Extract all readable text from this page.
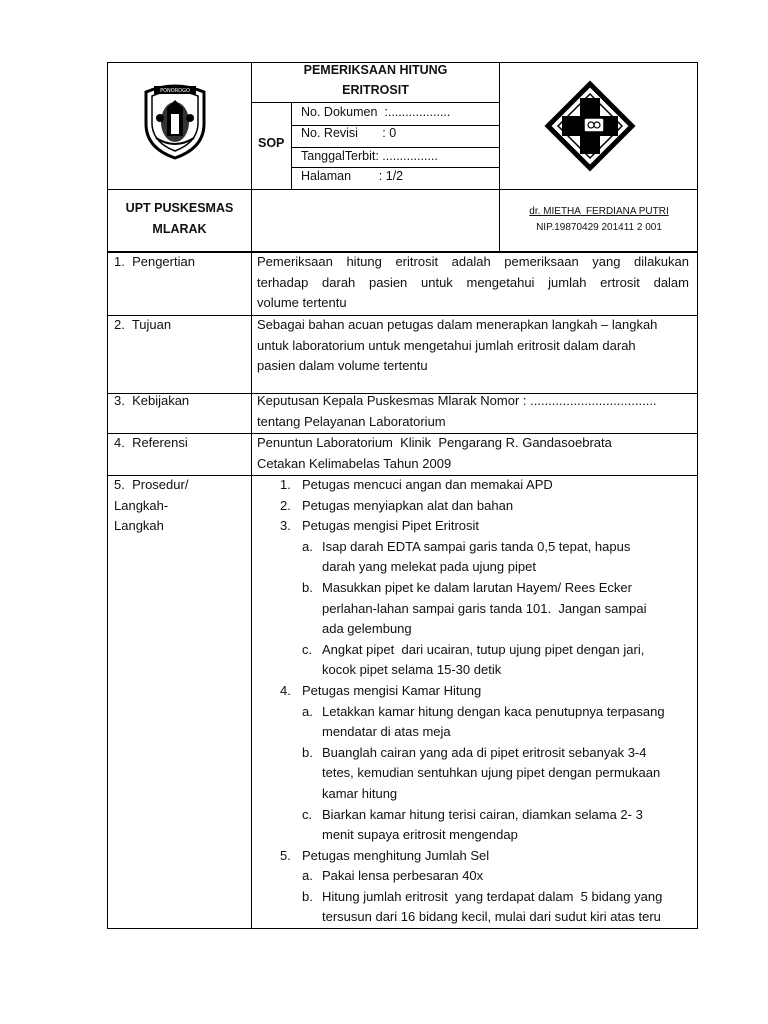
PONOROGO
PEMERIKSAAN HITUNG
ERITROSIT
SOP
No. Dokumen  :..................
No. Revisi       : 0
TanggalTerbit: ................
Halaman        : 1/2
UPT PUSKESMAS
MLARAK
dr. MIETHA  FERDIANA PUTRI
NIP.19870429 201411 2 001
1.  Pengertian	Pemeriksaan hitung eritrosit adalah pemeriksaan yang dilakukan
terhadap darah pasien untuk mengetahui jumlah ertrosit dalam
volume tertentu
2.  Tujuan	Sebagai bahan acuan petugas dalam menerapkan langkah – langkah
untuk laboratorium untuk mengetahui jumlah eritrosit dalam darah
pasien dalam volume tertentu
3.  Kebijakan	Keputusan Kepala Puskesmas Mlarak Nomor : ...................................
tentang Pelayanan Laboratorium
4.  Referensi	Penuntun Laboratorium  Klinik  Pengarang R. Gandasoebrata
Cetakan Kelimabelas Tahun 2009
5.  Prosedur/
Langkah-
Langkah
1. Petugas mencuci angan dan memakai APD
2. Petugas menyiapkan alat dan bahan
3. Petugas mengisi Pipet Eritrosit
a. Isap darah EDTA sampai garis tanda 0,5 tepat, hapus
darah yang melekat pada ujung pipet
b. Masukkan pipet ke dalam larutan Hayem/ Rees Ecker
perlahan-lahan sampai garis tanda 101.  Jangan sampai
ada gelembung
c. Angkat pipet  dari ucairan, tutup ujung pipet dengan jari,
kocok pipet selama 15-30 detik
4. Petugas mengisi Kamar Hitung
a. Letakkan kamar hitung dengan kaca penutupnya terpasang
mendatar di atas meja
b. Buanglah cairan yang ada di pipet eritrosit sebanyak 3-4
tetes, kemudian sentuhkan ujung pipet dengan permukaan
kamar hitung
c. Biarkan kamar hitung terisi cairan, diamkan selama 2- 3
menit supaya eritrosit mengendap
5. Petugas menghitung Jumlah Sel
a. Pakai lensa perbesaran 40x
b. Hitung jumlah eritrosit  yang terdapat dalam  5 bidang yang
tersusun dari 16 bidang kecil, mulai dari sudut kiri atas teru
